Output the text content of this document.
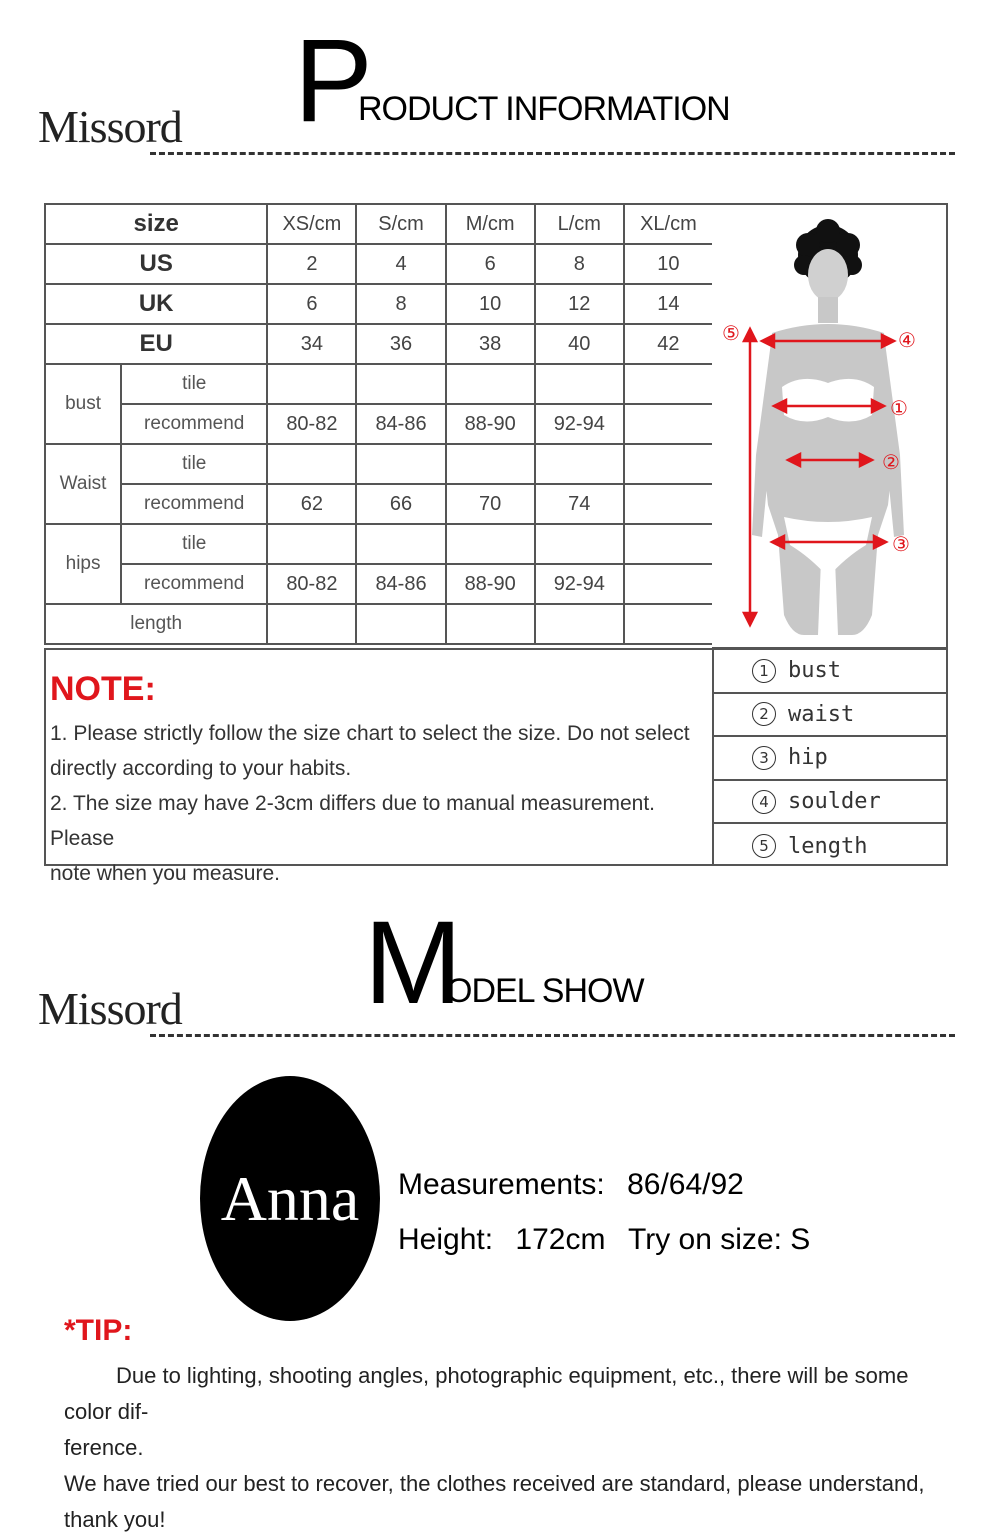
Missord P
RODUCT INFORMATION
size		XS/cm	S/cm	M/cm	L/cm	XL/cm
US		2	4	6	8	10
UK		6	8	10	12	14
EU		34	36	38	40	42
bust	tile					
	recommend	80-82	84-86	88-90	92-94	
Waist	tile					
	recommend	62	66	70	74	
hips	tile					
	recommend	80-82	84-86	88-90	92-94	
length						
⑤	④
①
②
③
NOTE:
1. Please strictly follow the size chart to select the size. Do not select
directly according to your habits.
2. The size may have 2-3cm differs due to manual measurement. Please
note when you measure.
1 bust
2 waist
3 hip
4 soulder
5 length
Missord M
ODEL SHOW
Anna Measurements: 86/64/92
Height: 172cm Try on size: S
*TIP:
Due to lighting, shooting angles, photographic equipment, etc., there will be some color dif-
ference.
We have tried our best to recover, the clothes received are standard, please understand, thank you!
